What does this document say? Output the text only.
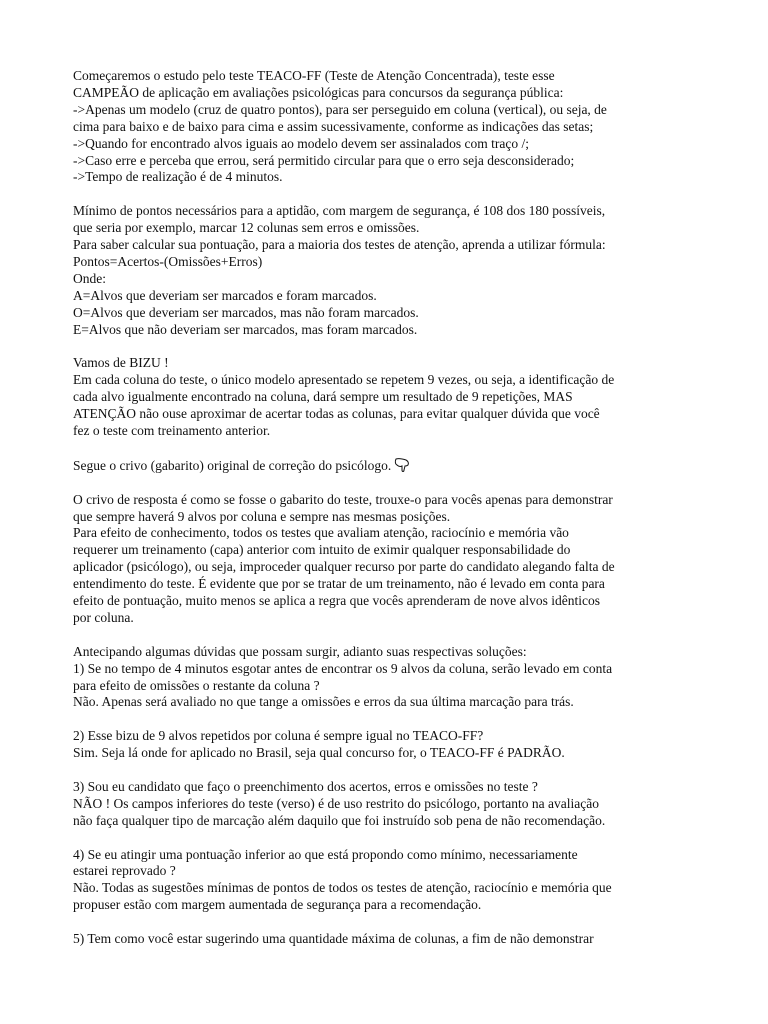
Começaremos o estudo pelo teste TEACO-FF (Teste de Atenção Concentrada), teste esse
CAMPEÃO de aplicação em avaliações psicológicas para concursos da segurança pública:
->Apenas um modelo (cruz de quatro pontos), para ser perseguido em coluna (vertical), ou seja, de
cima para baixo e de baixo para cima e assim sucessivamente, conforme as indicações das setas;
->Quando for encontrado alvos iguais ao modelo devem ser assinalados com traço /;
->Caso erre e perceba que errou, será permitido circular para que o erro seja desconsiderado;
->Tempo de realização é de 4 minutos.
Mínimo de pontos necessários para a aptidão, com margem de segurança, é 108 dos 180 possíveis,
que seria por exemplo, marcar 12 colunas sem erros e omissões.
Para saber calcular sua pontuação, para a maioria dos testes de atenção, aprenda a utilizar fórmula:
Pontos=Acertos-(Omissões+Erros)
Onde:
A=Alvos que deveriam ser marcados e foram marcados.
O=Alvos que deveriam ser marcados, mas não foram marcados.
E=Alvos que não deveriam ser marcados, mas foram marcados.
Vamos de BIZU !
Em cada coluna do teste, o único modelo apresentado se repetem 9 vezes, ou seja, a identificação de
cada alvo igualmente encontrado na coluna, dará sempre um resultado de 9 repetições, MAS
ATENÇÃO não ouse aproximar de acertar todas as colunas, para evitar qualquer dúvida que você
fez o teste com treinamento anterior.
Segue o crivo (gabarito) original de correção do psicólogo.
O crivo de resposta é como se fosse o gabarito do teste, trouxe-o para vocês apenas para demonstrar
que sempre haverá 9 alvos por coluna e sempre nas mesmas posições.
Para efeito de conhecimento, todos os testes que avaliam atenção, raciocínio e memória vão
requerer um treinamento (capa) anterior com intuito de eximir qualquer responsabilidade do
aplicador (psicólogo), ou seja, improceder qualquer recurso por parte do candidato alegando falta de
entendimento do teste. É evidente que por se tratar de um treinamento, não é levado em conta para
efeito de pontuação, muito menos se aplica a regra que vocês aprenderam de nove alvos idênticos
por coluna.
Antecipando algumas dúvidas que possam surgir, adianto suas respectivas soluções:
1) Se no tempo de 4 minutos esgotar antes de encontrar os 9 alvos da coluna, serão levado em conta
para efeito de omissões o restante da coluna ?
Não. Apenas será avaliado no que tange a omissões e erros da sua última marcação para trás.
2) Esse bizu de 9 alvos repetidos por coluna é sempre igual no TEACO-FF?
Sim. Seja lá onde for aplicado no Brasil, seja qual concurso for, o TEACO-FF é PADRÃO.
3) Sou eu candidato que faço o preenchimento dos acertos, erros e omissões no teste ?
NÃO ! Os campos inferiores do teste (verso) é de uso restrito do psicólogo, portanto na avaliação
não faça qualquer tipo de marcação além daquilo que foi instruído sob pena de não recomendação.
4) Se eu atingir uma pontuação inferior ao que está propondo como mínimo, necessariamente
estarei reprovado ?
Não. Todas as sugestões mínimas de pontos de todos os testes de atenção, raciocínio e memória que
propuser estão com margem aumentada de segurança para a recomendação.
5) Tem como você estar sugerindo uma quantidade máxima de colunas, a fim de não demonstrar
